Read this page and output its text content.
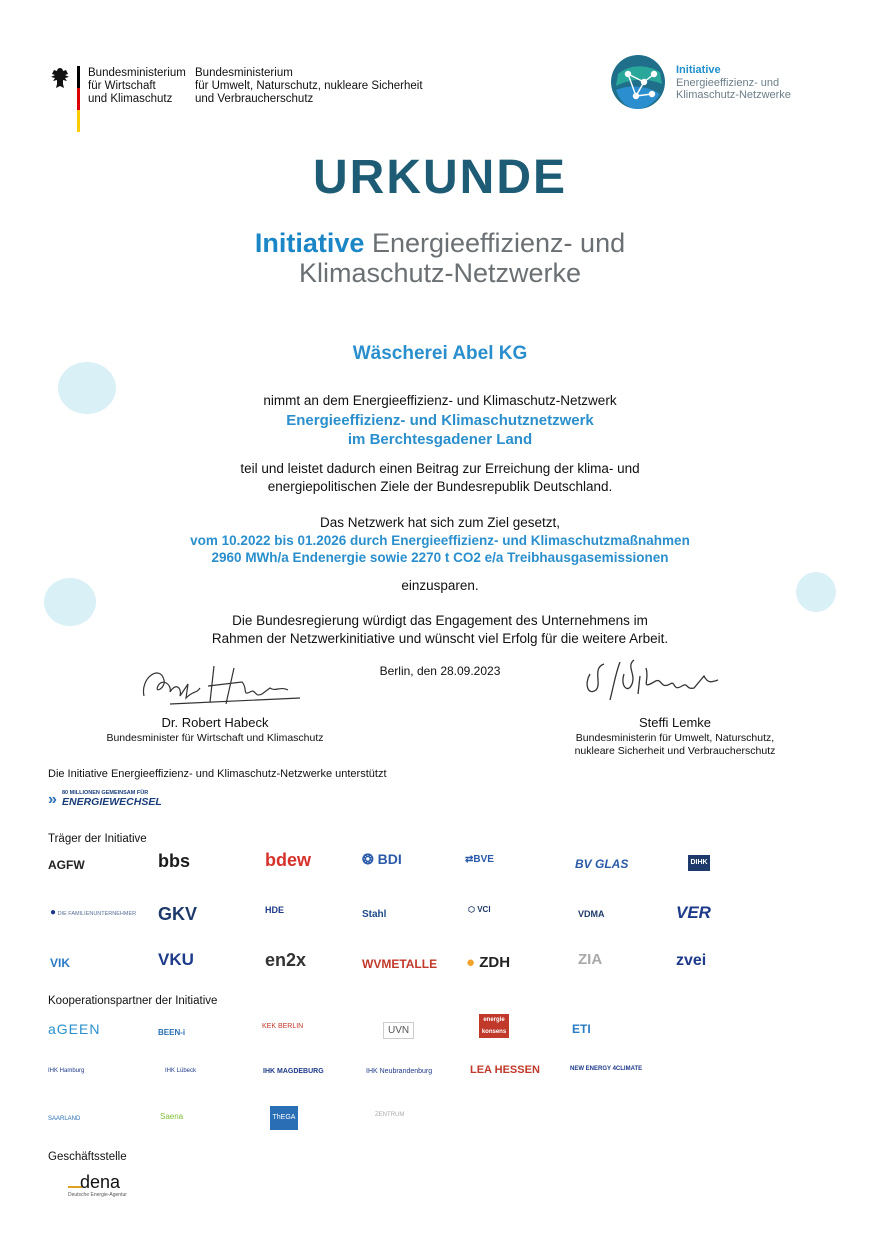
Bundesministerium
für Wirtschaft
und Klimaschutz
Bundesministerium
für Umwelt, Naturschutz, nukleare Sicherheit
und Verbraucherschutz
Initiative
Energieeffizienz- und
Klimaschutz-Netzwerke
URKUNDE
Initiative Energieeffizienz- und
Klimaschutz-Netzwerke
Wäscherei Abel KG
nimmt an dem Energieeffizienz- und Klimaschutz-Netzwerk
Energieeffizienz- und Klimaschutznetzwerk
im Berchtesgadener Land
teil und leistet dadurch einen Beitrag zur Erreichung der klima- und
energiepolitischen Ziele der Bundesrepublik Deutschland.
Das Netzwerk hat sich zum Ziel gesetzt,
vom 10.2022 bis 01.2026 durch Energieeffizienz- und Klimaschutzmaßnahmen
2960 MWh/a Endenergie sowie 2270 t CO2 e/a Treibhausgasemissionen
einzusparen.
Die Bundesregierung würdigt das Engagement des Unternehmens im
Rahmen der Netzwerkinitiative und wünscht viel Erfolg für die weitere Arbeit.
Berlin, den 28.09.2023
Dr. Robert Habeck
Bundesminister für Wirtschaft und Klimaschutz
Steffi Lemke
Bundesministerin für Umwelt, Naturschutz,
nukleare Sicherheit und Verbraucherschutz
Die Initiative Energieeffizienz- und Klimaschutz-Netzwerke unterstützt
» 80 MILLIONEN GEMEINSAM FÜR
ENERGIEWECHSEL
Träger der Initiative
AGFW	bbs	bdew	❂ BDI	⇄BVE	BV GLAS	DIHK
● DIE FAMILIENUNTERNEHMER GKV	HDE	Stahl	⬡ VCI	VDMA	VER
VIK	VKU	en2x	WVMETALLE ● ZDH	ZIA	zvei
Kooperationspartner der Initiative
aGEEN	BEEN-i
KEK BERLIN	UVN
energie konsens	ETI
IHK Hamburg	IHK Lübeck	IHK MAGDEBURG	IHK Neubrandenburg	LEA HESSEN	NEW ENERGY 4CLIMATE
SAARLAND	Saena	ThEGA	ZENTRUM
Geschäftsstelle
dena
Deutsche Energie-Agentur
